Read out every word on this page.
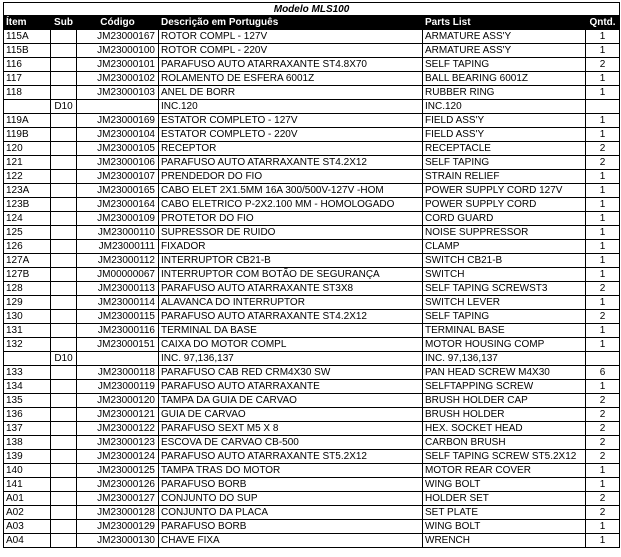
Modelo MLS100					
Ítem	Sub	Código	Descrição em Português	Parts List	Qntd.
115A		JM23000167	ROTOR COMPL - 127V	ARMATURE ASS'Y	1
115B		JM23000100	ROTOR COMPL - 220V	ARMATURE ASS'Y	1
116		JM23000101	PARAFUSO AUTO ATARRAXANTE ST4.8X70	SELF TAPING	2
117		JM23000102	ROLAMENTO DE ESFERA 6001Z	BALL BEARING 6001Z	1
118		JM23000103	ANEL DE BORR	RUBBER RING	1
	D10		INC.120	INC.120	
119A		JM23000169	ESTATOR COMPLETO - 127V	FIELD ASS'Y	1
119B		JM23000104	ESTATOR COMPLETO - 220V	FIELD ASS'Y	1
120		JM23000105	RECEPTOR	RECEPTACLE	2
121		JM23000106	PARAFUSO AUTO ATARRAXANTE ST4.2X12	SELF TAPING	2
122		JM23000107	PRENDEDOR DO FIO	STRAIN RELIEF	1
123A		JM23000165	CABO ELET 2X1.5MM 16A 300/500V-127V -HOM	POWER SUPPLY CORD 127V	1
123B		JM23000164	CABO ELETRICO P-2X2.100 MM - HOMOLOGADO	POWER SUPPLY CORD	1
124		JM23000109	PROTETOR DO FIO	CORD GUARD	1
125		JM23000110	SUPRESSOR DE RUIDO	NOISE SUPPRESSOR	1
126		JM23000111	FIXADOR	CLAMP	1
127A		JM23000112	INTERRUPTOR CB21-B	SWITCH CB21-B	1
127B		JM00000067	INTERRUPTOR COM BOTÃO DE SEGURANÇA	SWITCH	1
128		JM23000113	PARAFUSO AUTO ATARRAXANTE ST3X8	SELF TAPING SCREWST3	2
129		JM23000114	ALAVANCA DO INTERRUPTOR	SWITCH LEVER	1
130		JM23000115	PARAFUSO AUTO ATARRAXANTE ST4.2X12	SELF TAPING	2
131		JM23000116	TERMINAL DA BASE	TERMINAL BASE	1
132		JM23000151	CAIXA DO MOTOR COMPL	MOTOR HOUSING COMP	1
	D10		INC. 97,136,137	INC. 97,136,137	
133		JM23000118	PARAFUSO CAB RED CRM4X30 SW	PAN HEAD SCREW M4X30	6
134		JM23000119	PARAFUSO AUTO ATARRAXANTE	SELFTAPPING SCREW	1
135		JM23000120	TAMPA DA GUIA DE CARVAO	BRUSH HOLDER CAP	2
136		JM23000121	GUIA DE CARVAO	BRUSH HOLDER	2
137		JM23000122	PARAFUSO SEXT M5 X 8	HEX. SOCKET HEAD	2
138		JM23000123	ESCOVA DE CARVAO CB-500	CARBON BRUSH	2
139		JM23000124	PARAFUSO AUTO ATARRAXANTE ST5.2X12	SELF TAPING SCREW ST5.2X12	2
140		JM23000125	TAMPA TRAS DO MOTOR	MOTOR REAR COVER	1
141		JM23000126	PARAFUSO BORB	WING BOLT	1
A01		JM23000127	CONJUNTO DO SUP	HOLDER SET	2
A02		JM23000128	CONJUNTO DA PLACA	SET PLATE	2
A03		JM23000129	PARAFUSO BORB	WING BOLT	1
A04		JM23000130	CHAVE FIXA	WRENCH	1
